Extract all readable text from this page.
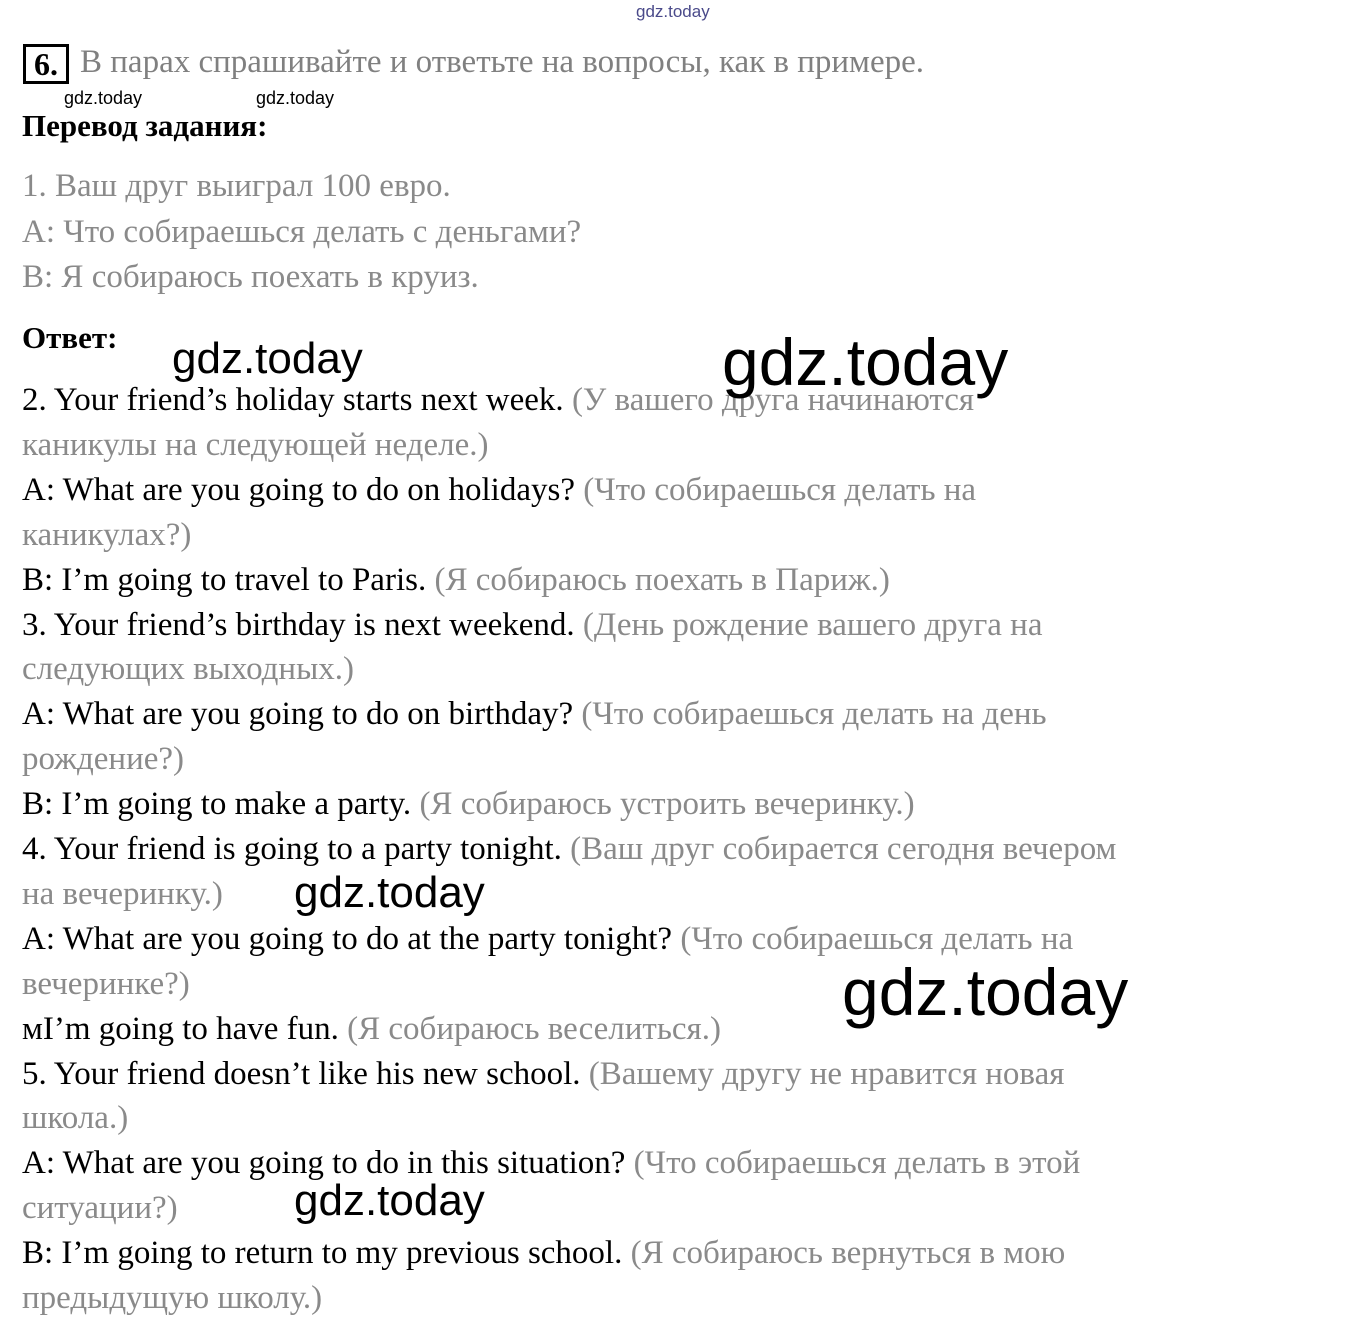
gdz.today
gdz.today	gdz.today
6. В парах спрашивайте и ответьте на вопросы, как в примере.
Перевод задания:
1. Ваш друг выиграл 100 евро.
А: Что собираешься делать с деньгами?
В: Я собираюсь поехать в круиз.
Ответ:
2. Your friend’s holiday starts next week. (У вашего друга начинаются
каникулы на следующей неделе.)
A: What are you going to do on holidays? (Что собираешься делать на
каникулах?)
B: I’m going to travel to Paris. (Я собираюсь поехать в Париж.)
3. Your friend’s birthday is next weekend. (День рождение вашего друга на
следующих выходных.)
A: What are you going to do on birthday? (Что собираешься делать на день
рождение?)
B: I’m going to make a party. (Я собираюсь устроить вечеринку.)
4. Your friend is going to a party tonight. (Ваш друг собирается сегодня вечером
на вечеринку.)
A: What are you going to do at the party tonight? (Что собираешься делать на
вечеринке?)
мI’m going to have fun. (Я собираюсь веселиться.)
5. Your friend doesn’t like his new school. (Вашему другу не нравится новая
школа.)
A: What are you going to do in this situation? (Что собираешься делать в этой
ситуации?)
B: I’m going to return to my previous school. (Я собираюсь вернуться в мою
предыдущую школу.)
gdz.today	gdz.today
gdz.today
gdz.today
gdz.today
